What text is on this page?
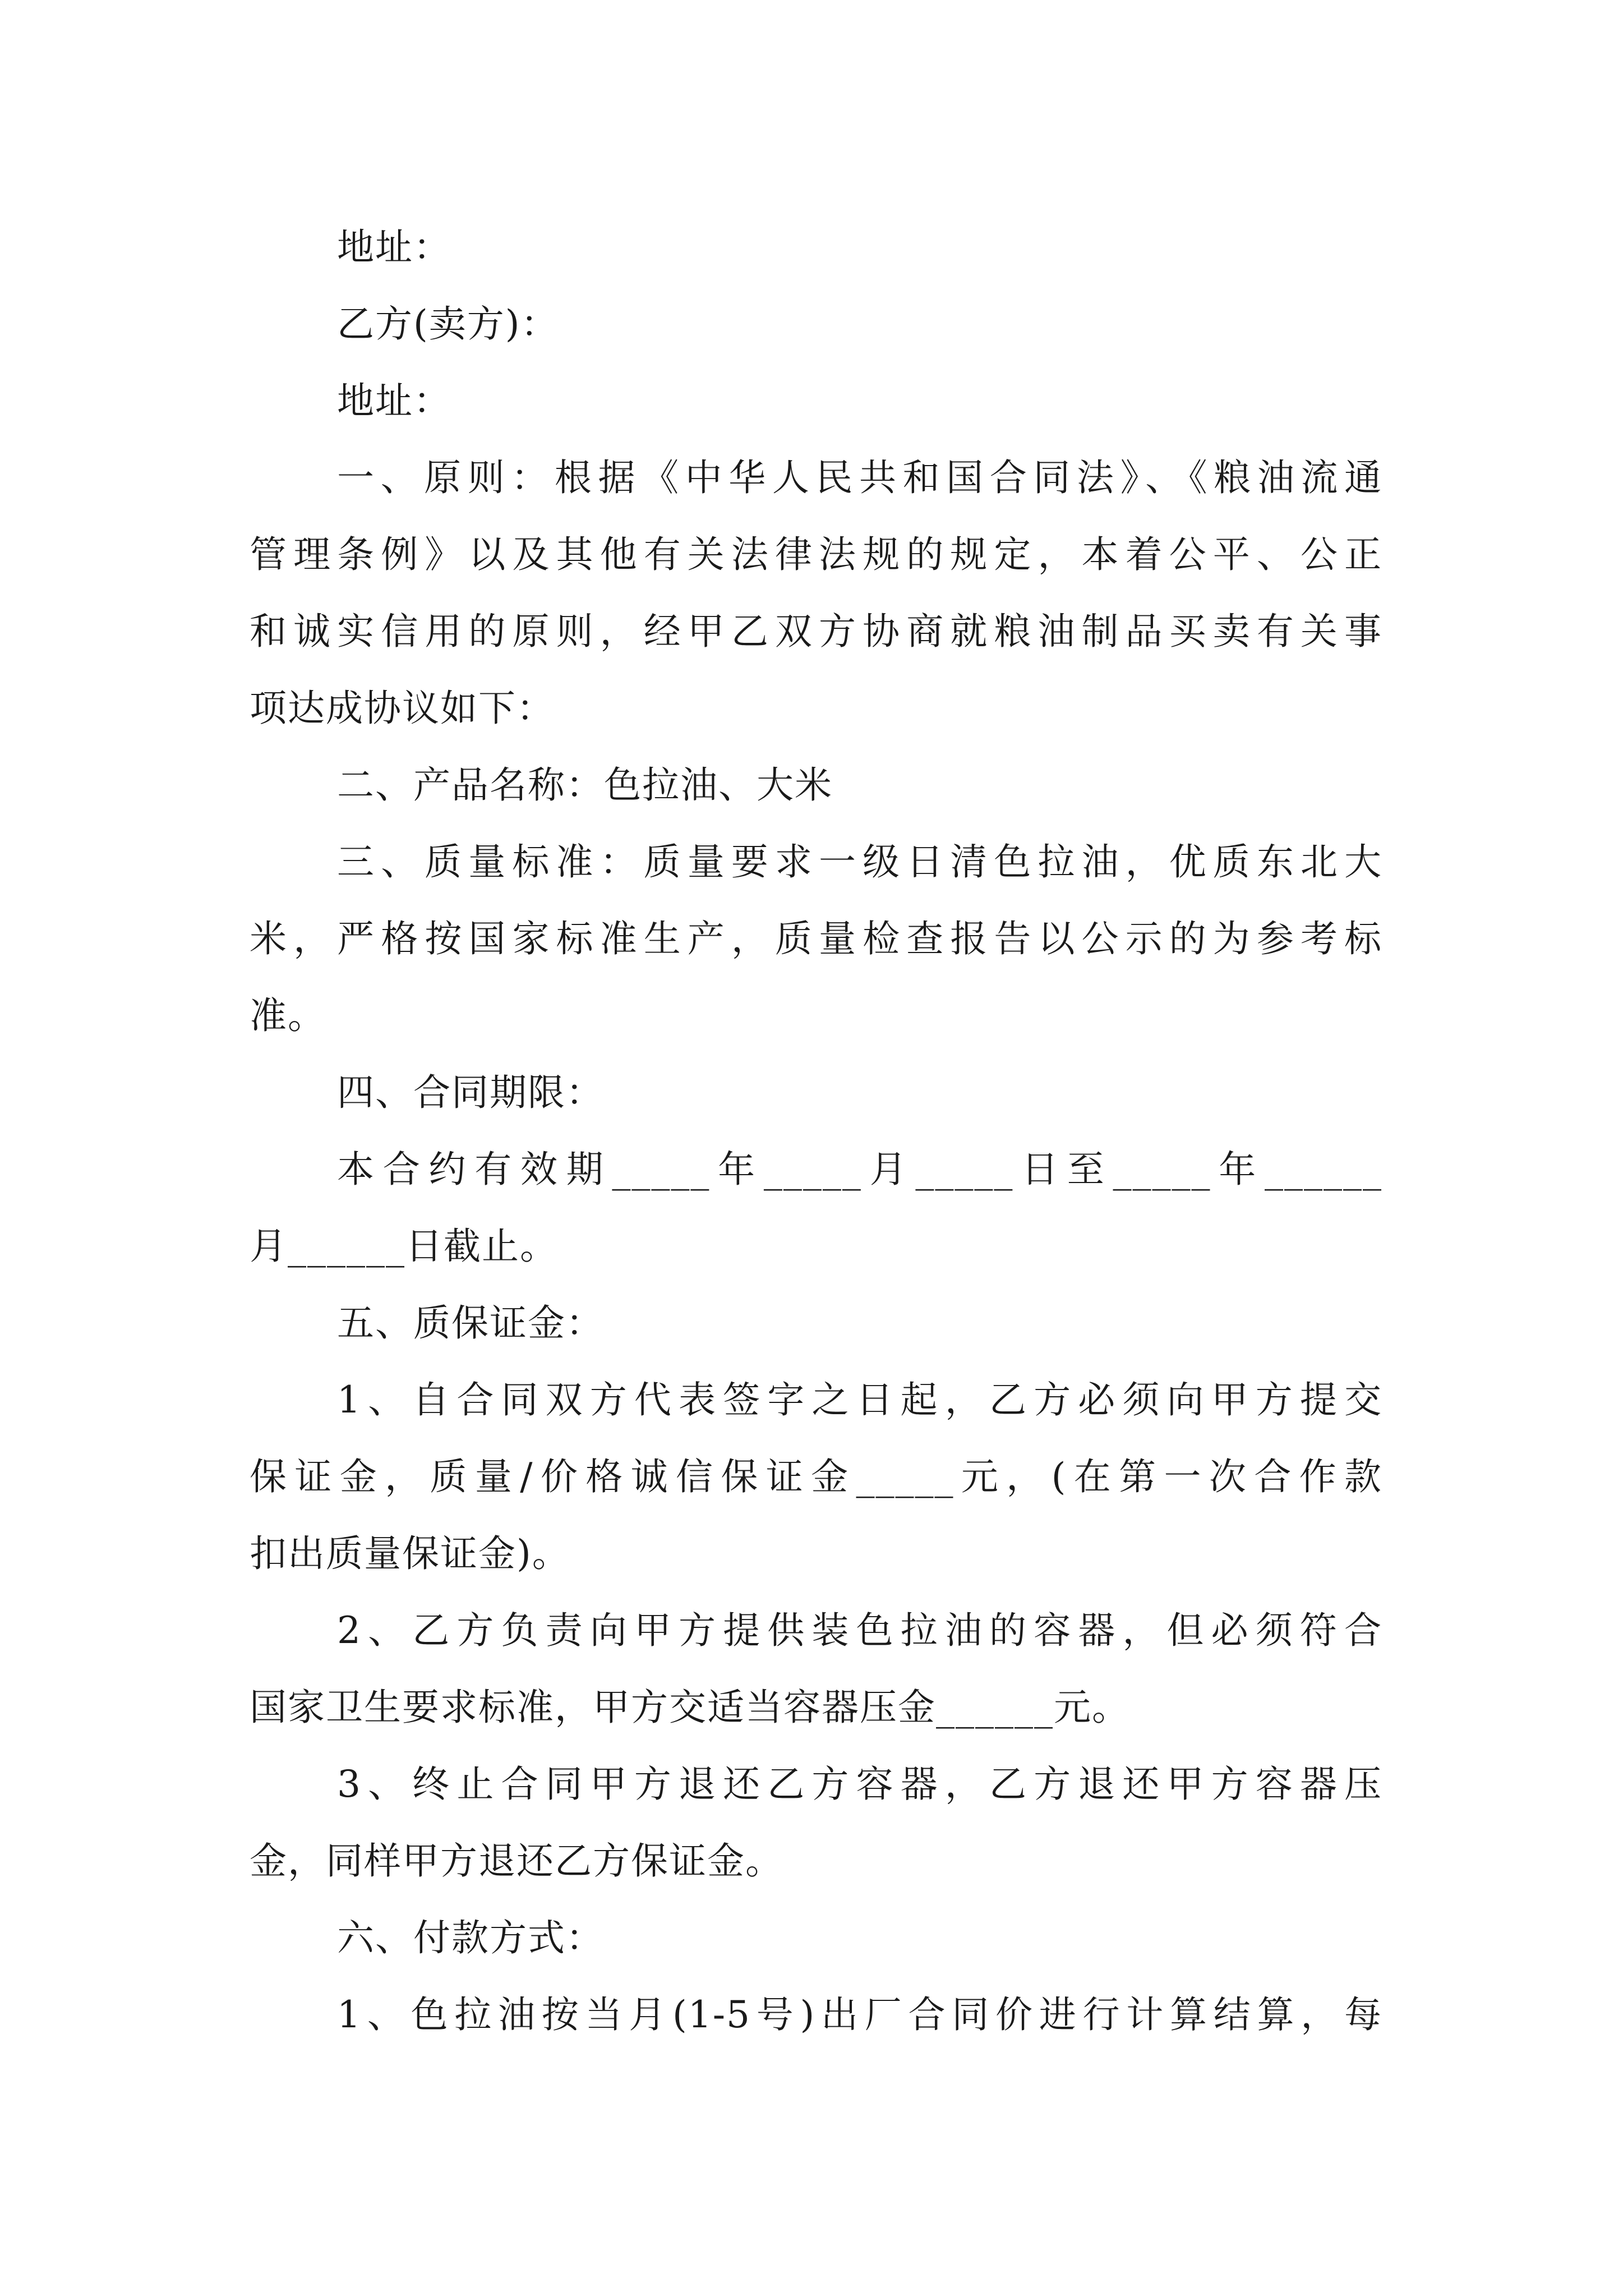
地址：
乙方(卖方)：
地址：
一、原则：根据《中华人民共和国合同法》、《粮油流通
管理条例》以及其他有关法律法规的规定，本着公平、公正
和诚实信用的原则，经甲乙双方协商就粮油制品买卖有关事
项达成协议如下：
二、产品名称：色拉油、大米
三、质量标准：质量要求一级日清色拉油，优质东北大
米，严格按国家标准生产，质量检查报告以公示的为参考标
准。
四、合同期限：
本合约有效期_____年_____月_____日至_____年______
月______日截止。
五、质保证金：
1、自合同双方代表签字之日起，乙方必须向甲方提交
保证金，质量/价格诚信保证金_____元，(在第一次合作款
扣出质量保证金)。
2、乙方负责向甲方提供装色拉油的容器，但必须符合
国家卫生要求标准，甲方交适当容器压金______元。
3、终止合同甲方退还乙方容器，乙方退还甲方容器压
金，同样甲方退还乙方保证金。
六、付款方式：
1、色拉油按当月(1-5号)出厂合同价进行计算结算，每
